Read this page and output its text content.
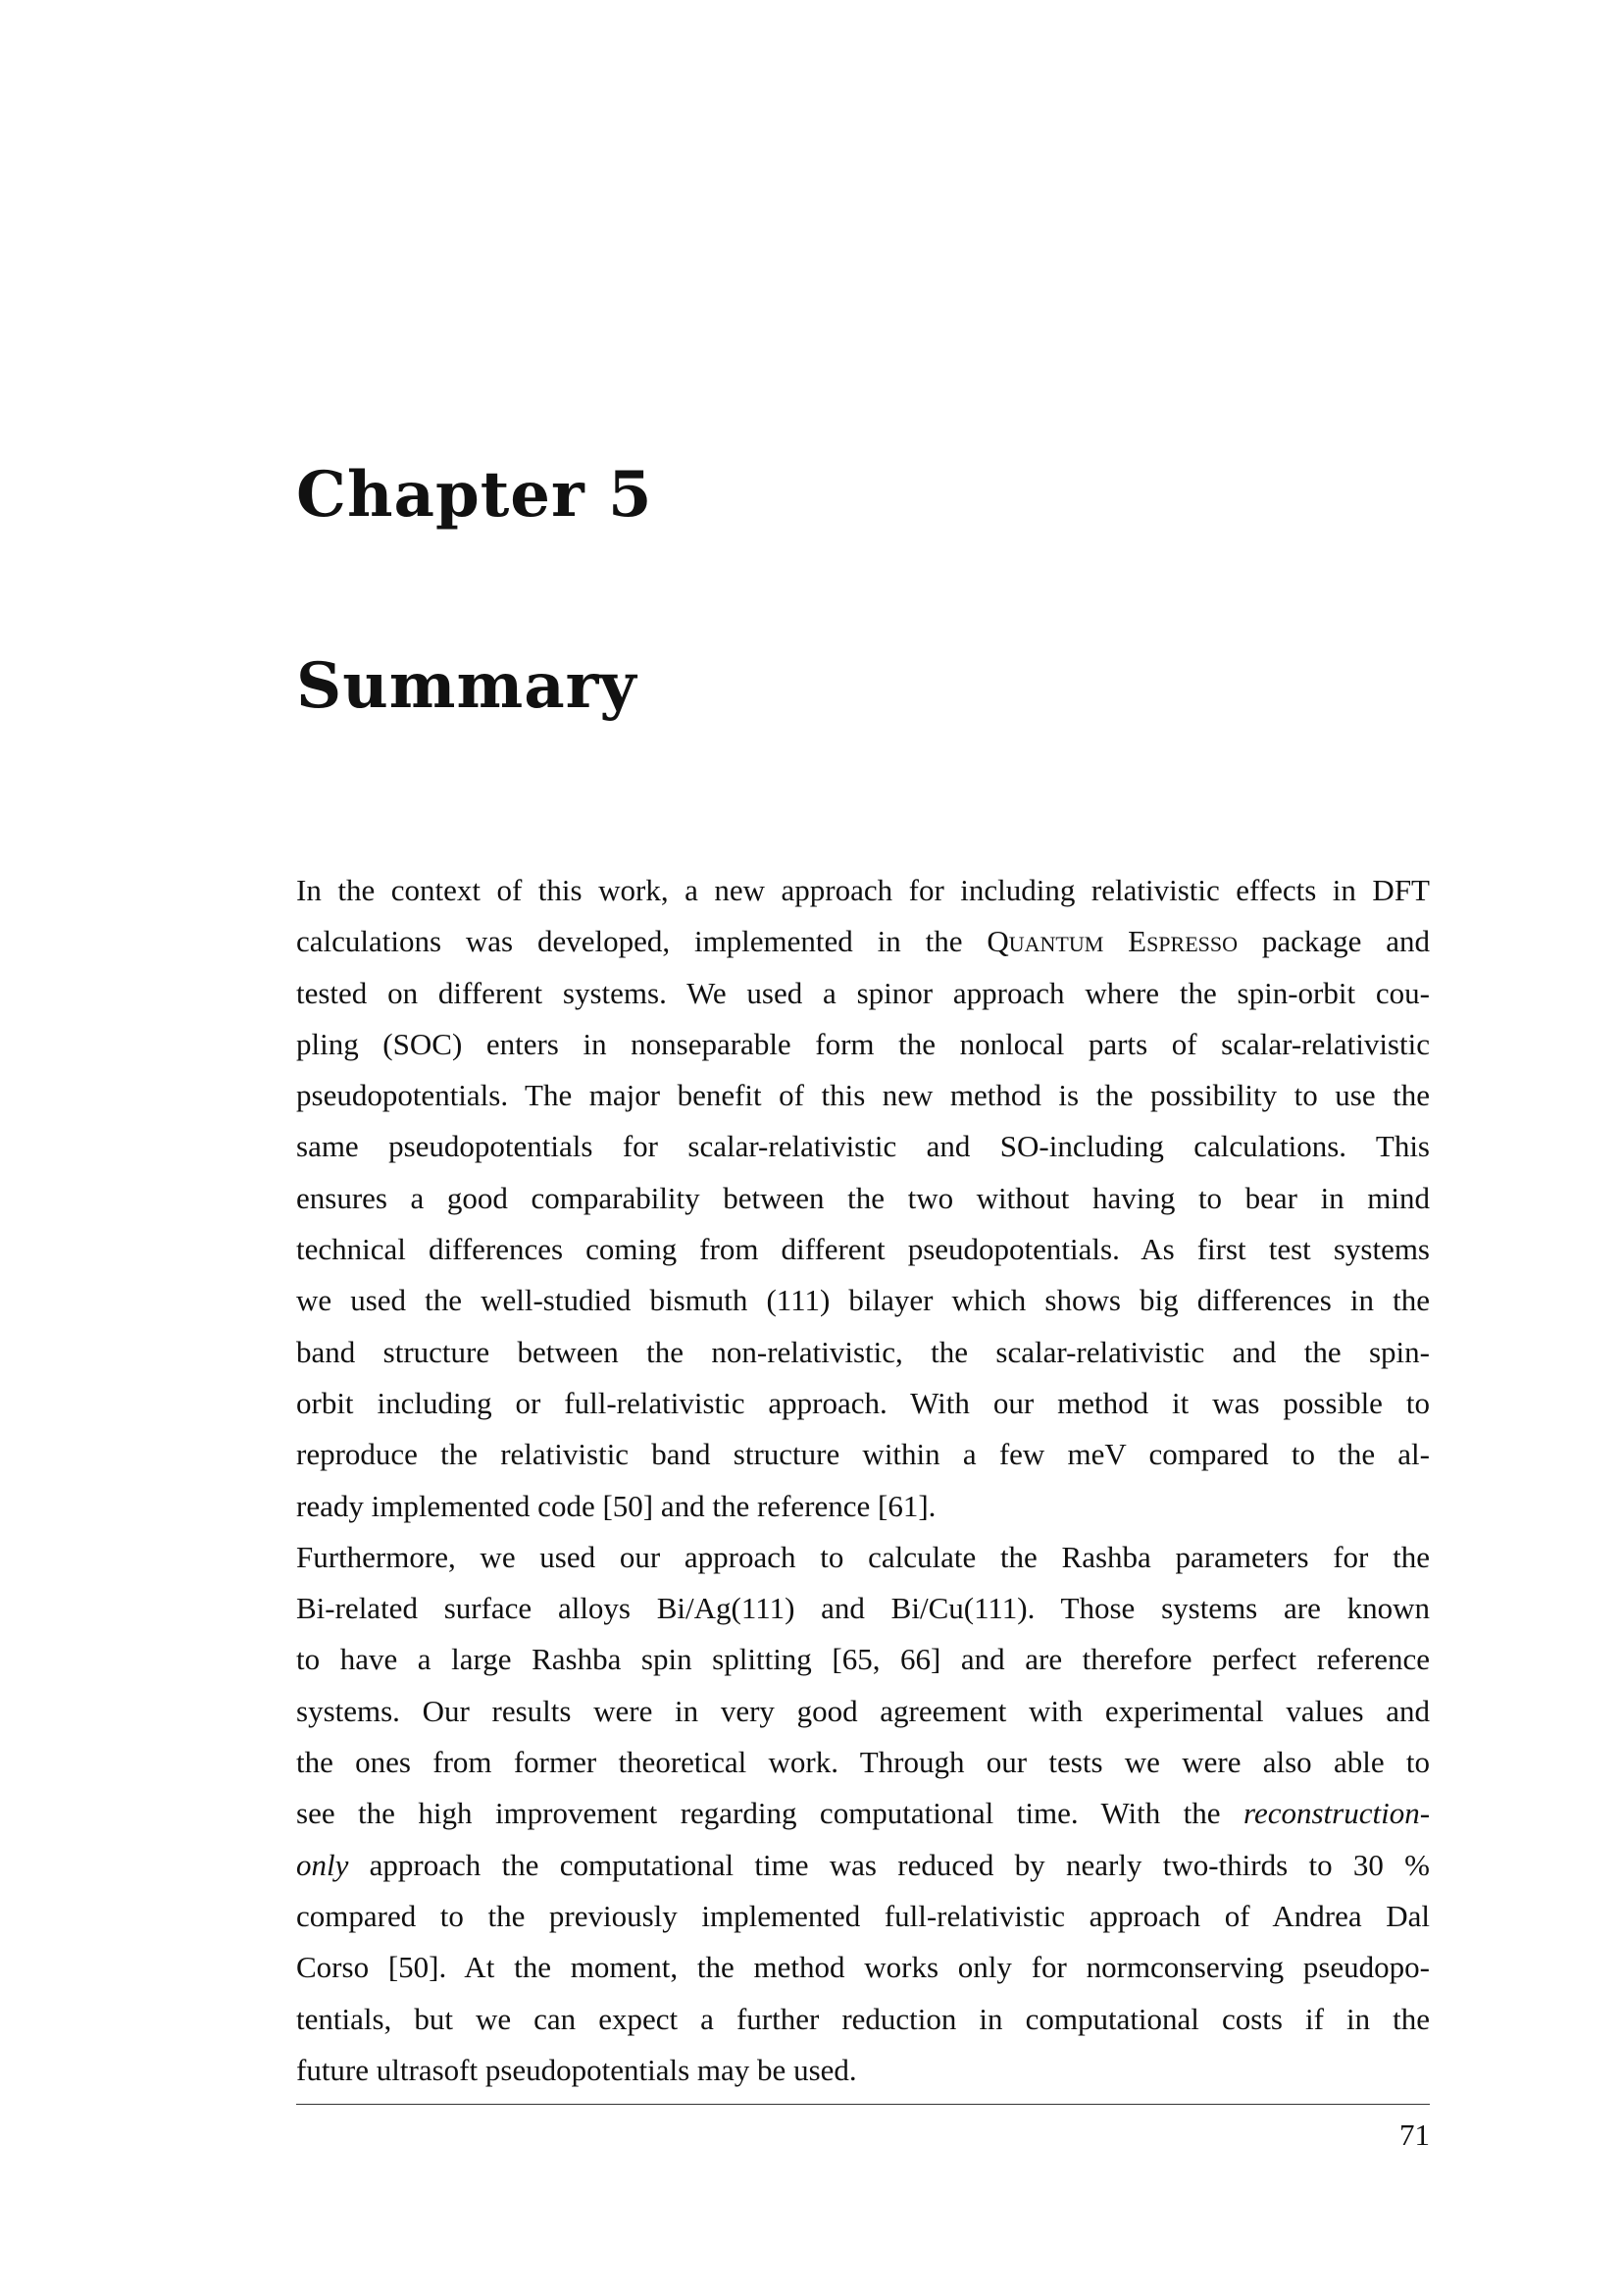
Chapter 5
Summary
In the context of this work, a new approach for including relativistic effects in DFT
calculations was developed, implemented in the Quantum Espresso package and
tested on different systems. We used a spinor approach where the spin-orbit cou-
pling (SOC) enters in nonseparable form the nonlocal parts of scalar-relativistic
pseudopotentials. The major benefit of this new method is the possibility to use the
same pseudopotentials for scalar-relativistic and SO-including calculations. This
ensures a good comparability between the two without having to bear in mind
technical differences coming from different pseudopotentials. As first test systems
we used the well-studied bismuth (111) bilayer which shows big differences in the
band structure between the non-relativistic, the scalar-relativistic and the spin-
orbit including or full-relativistic approach. With our method it was possible to
reproduce the relativistic band structure within a few meV compared to the al-
ready implemented code [50] and the reference [61].
Furthermore, we used our approach to calculate the Rashba parameters for the
Bi-related surface alloys Bi/Ag(111) and Bi/Cu(111). Those systems are known
to have a large Rashba spin splitting [65, 66] and are therefore perfect reference
systems. Our results were in very good agreement with experimental values and
the ones from former theoretical work. Through our tests we were also able to
see the high improvement regarding computational time. With the reconstruction-
only approach the computational time was reduced by nearly two-thirds to 30 %
compared to the previously implemented full-relativistic approach of Andrea Dal
Corso [50]. At the moment, the method works only for normconserving pseudopo-
tentials, but we can expect a further reduction in computational costs if in the
future ultrasoft pseudopotentials may be used.
71
